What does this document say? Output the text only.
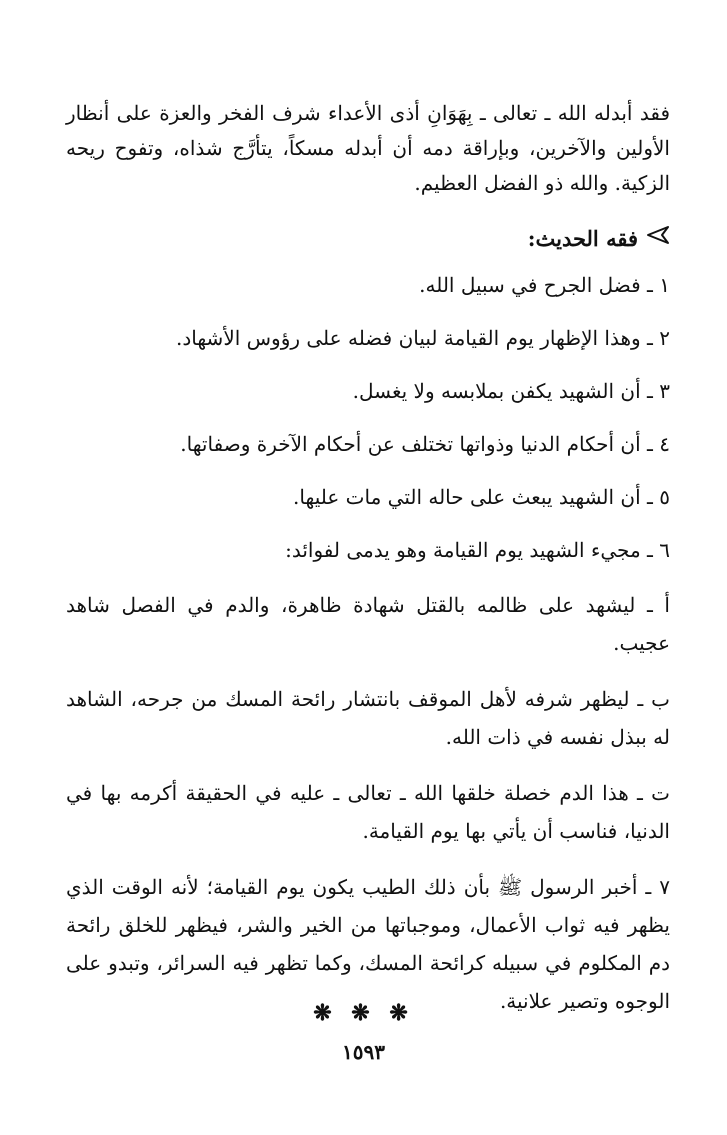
فقد أبدله الله ـ تعالى ـ بِهَوَانِ أذى الأعداء شرف الفخر والعزة على أنظار الأولين والآخرين، وبإراقة دمه أن أبدله مسكاً، يتأرَّج شذاه، وتفوح ريحه الزكية. والله ذو الفضل العظيم.

فقه الحديث:

١ ـ فضل الجرح في سبيل الله.

٢ ـ وهذا الإظهار يوم القيامة لبيان فضله على رؤوس الأشهاد.

٣ ـ أن الشهيد يكفن بملابسه ولا يغسل.

٤ ـ أن أحكام الدنيا وذواتها تختلف عن أحكام الآخرة وصفاتها.

٥ ـ أن الشهيد يبعث على حاله التي مات عليها.

٦ ـ مجيء الشهيد يوم القيامة وهو يدمى لفوائد:

أ ـ ليشهد على ظالمه بالقتل شهادة ظاهرة، والدم في الفصل شاهد عجيب.

ب ـ ليظهر شرفه لأهل الموقف بانتشار رائحة المسك من جرحه، الشاهد له ببذل نفسه في ذات الله.

ت ـ هذا الدم خصلة خلقها الله ـ تعالى ـ عليه في الحقيقة أكرمه بها في الدنيا، فناسب أن يأتي بها يوم القيامة.

٧ ـ أخبر الرسول ﷺ بأن ذلك الطيب يكون يوم القيامة؛ لأنه الوقت الذي يظهر فيه ثواب الأعمال، وموجباتها من الخير والشر، فيظهر للخلق رائحة دم المكلوم في سبيله كرائحة المسك، وكما تظهر فيه السرائر، وتبدو على الوجوه وتصير علانية.

❋ ❋ ❋
١٥٩٣
